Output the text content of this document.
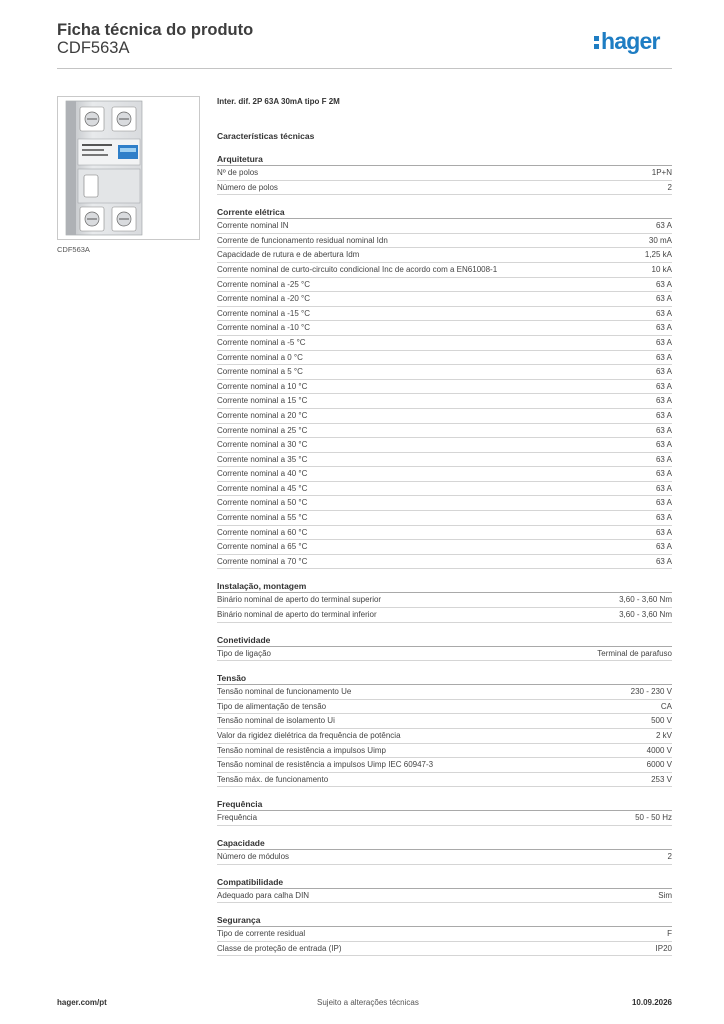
Ficha técnica do produto
CDF563A	hager
CDF563A
Inter. dif. 2P 63A 30mA tipo F 2M
Características técnicas
Arquitetura
Nº de polos	1P+N
Número de polos	2
Corrente elétrica
Corrente nominal IN	63 A
Corrente de funcionamento residual nominal Idn	30 mA
Capacidade de rutura e de abertura Idm	1,25 kA
Corrente nominal de curto-circuito condicional Inc de acordo com a EN61008-1	10 kA
Corrente nominal a -25 °C	63 A
Corrente nominal a -20 °C	63 A
Corrente nominal a -15 °C	63 A
Corrente nominal a -10 °C	63 A
Corrente nominal a -5 °C	63 A
Corrente nominal a 0 °C	63 A
Corrente nominal a 5 °C	63 A
Corrente nominal a 10 °C	63 A
Corrente nominal a 15 °C	63 A
Corrente nominal a 20 °C	63 A
Corrente nominal a 25 °C	63 A
Corrente nominal a 30 °C	63 A
Corrente nominal a 35 °C	63 A
Corrente nominal a 40 °C	63 A
Corrente nominal a 45 °C	63 A
Corrente nominal a 50 °C	63 A
Corrente nominal a 55 °C	63 A
Corrente nominal a 60 °C	63 A
Corrente nominal a 65 °C	63 A
Corrente nominal a 70 °C	63 A
Instalação, montagem
Binário nominal de aperto do terminal superior	3,60 - 3,60 Nm
Binário nominal de aperto do terminal inferior	3,60 - 3,60 Nm
Conetividade
Tipo de ligação	Terminal de parafuso
Tensão
Tensão nominal de funcionamento Ue	230 - 230 V
Tipo de alimentação de tensão	CA
Tensão nominal de isolamento Ui	500 V
Valor da rigidez dielétrica da frequência de potência	2 kV
Tensão nominal de resistência a impulsos Uimp	4000 V
Tensão nominal de resistência a impulsos Uimp IEC 60947-3	6000 V
Tensão máx. de funcionamento	253 V
Frequência
Frequência	50 - 50 Hz
Capacidade
Número de módulos	2
Compatibilidade
Adequado para calha DIN	Sim
Segurança
Tipo de corrente residual	F
Classe de proteção de entrada (IP)	IP20
hager.com/pt	Sujeito a alterações técnicas	10.09.2026
